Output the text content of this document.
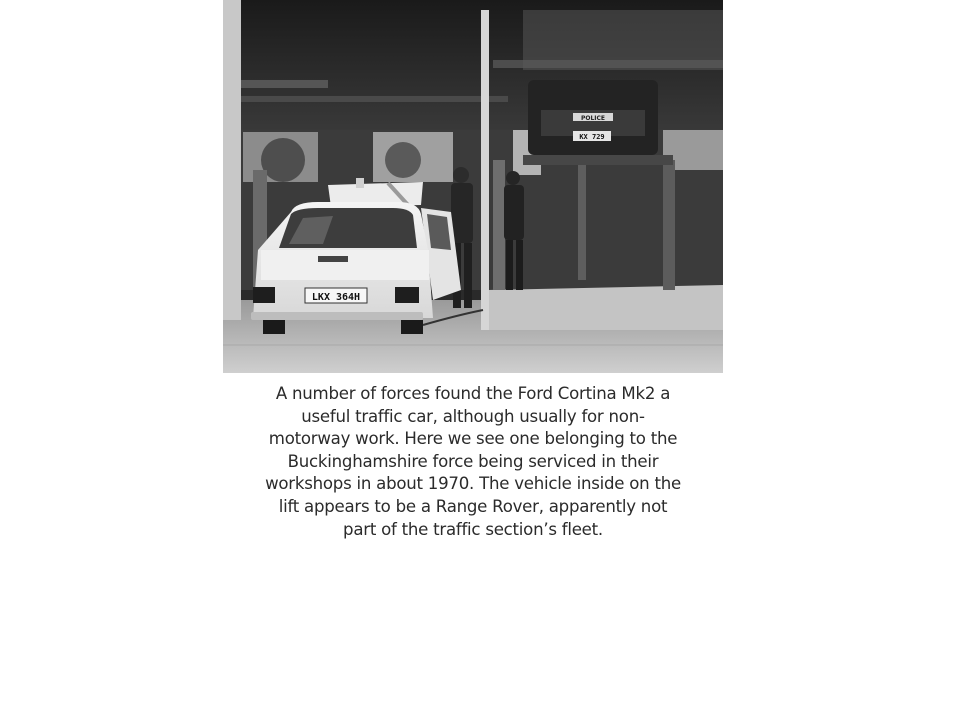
POLICE
KX 729
LKX 364H
A number of forces found the Ford Cortina Mk2 a
useful traffic car, although usually for non-
motorway work. Here we see one belonging to the
Buckinghamshire force being serviced in their
workshops in about 1970. The vehicle inside on the
lift appears to be a Range Rover, apparently not
part of the traffic section’s fleet.
